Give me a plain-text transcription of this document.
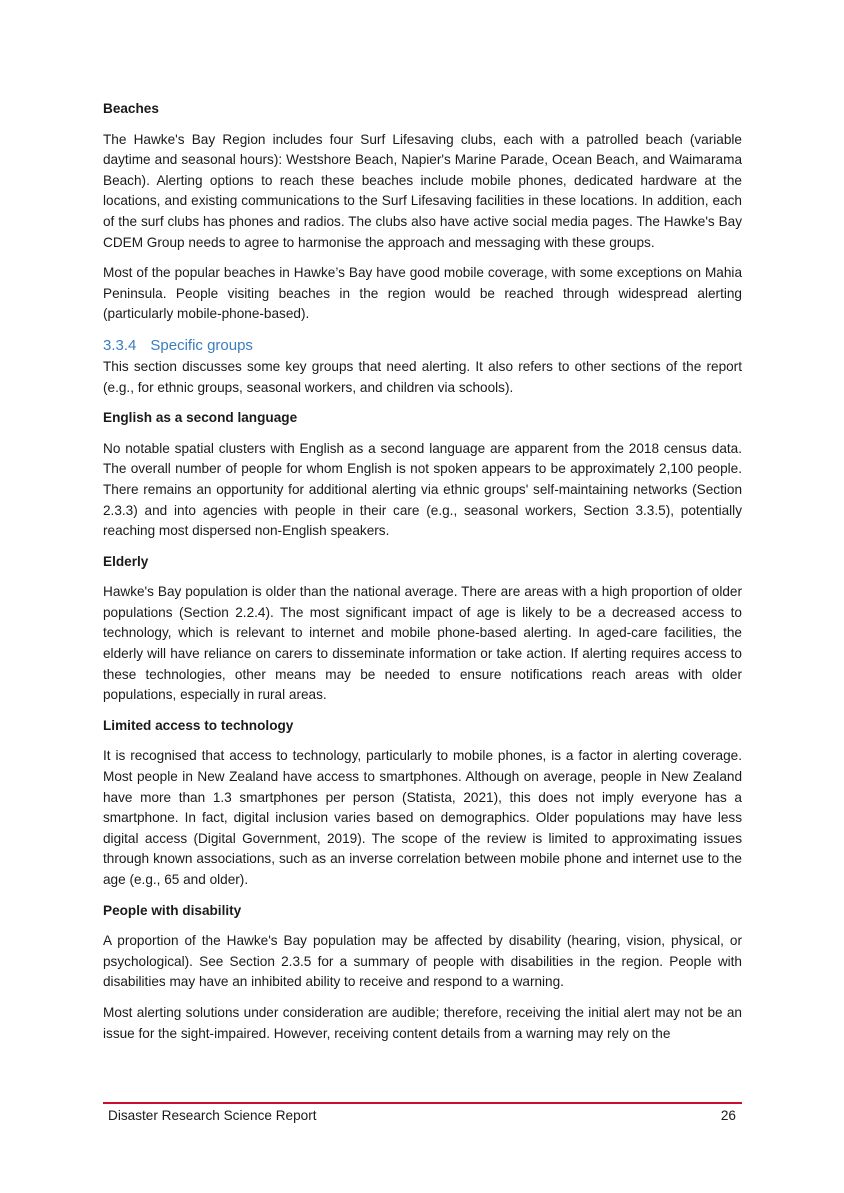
Beaches

The Hawke's Bay Region includes four Surf Lifesaving clubs, each with a patrolled beach (variable daytime and seasonal hours): Westshore Beach, Napier's Marine Parade, Ocean Beach, and Waimarama Beach). Alerting options to reach these beaches include mobile phones, dedicated hardware at the locations, and existing communications to the Surf Lifesaving facilities in these locations. In addition, each of the surf clubs has phones and radios. The clubs also have active social media pages. The Hawke's Bay CDEM Group needs to agree to harmonise the approach and messaging with these groups.

Most of the popular beaches in Hawke’s Bay have good mobile coverage, with some exceptions on Mahia Peninsula. People visiting beaches in the region would be reached through widespread alerting (particularly mobile-phone-based).

3.3.4 Specific groups

This section discusses some key groups that need alerting. It also refers to other sections of the report (e.g., for ethnic groups, seasonal workers, and children via schools).

English as a second language

No notable spatial clusters with English as a second language are apparent from the 2018 census data. The overall number of people for whom English is not spoken appears to be approximately 2,100 people. There remains an opportunity for additional alerting via ethnic groups' self-maintaining networks (Section 2.3.3) and into agencies with people in their care (e.g., seasonal workers, Section 3.3.5), potentially reaching most dispersed non-English speakers.

Elderly

Hawke's Bay population is older than the national average. There are areas with a high proportion of older populations (Section 2.2.4). The most significant impact of age is likely to be a decreased access to technology, which is relevant to internet and mobile phone-based alerting. In aged-care facilities, the elderly will have reliance on carers to disseminate information or take action. If alerting requires access to these technologies, other means may be needed to ensure notifications reach areas with older populations, especially in rural areas.

Limited access to technology

It is recognised that access to technology, particularly to mobile phones, is a factor in alerting coverage. Most people in New Zealand have access to smartphones. Although on average, people in New Zealand have more than 1.3 smartphones per person (Statista, 2021), this does not imply everyone has a smartphone. In fact, digital inclusion varies based on demographics. Older populations may have less digital access (Digital Government, 2019). The scope of the review is limited to approximating issues through known associations, such as an inverse correlation between mobile phone and internet use to the age (e.g., 65 and older).

People with disability

A proportion of the Hawke's Bay population may be affected by disability (hearing, vision, physical, or psychological). See Section 2.3.5 for a summary of people with disabilities in the region. People with disabilities may have an inhibited ability to receive and respond to a warning.

Most alerting solutions under consideration are audible; therefore, receiving the initial alert may not be an issue for the sight-impaired. However, receiving content details from a warning may rely on the

Disaster Research Science Report	26
